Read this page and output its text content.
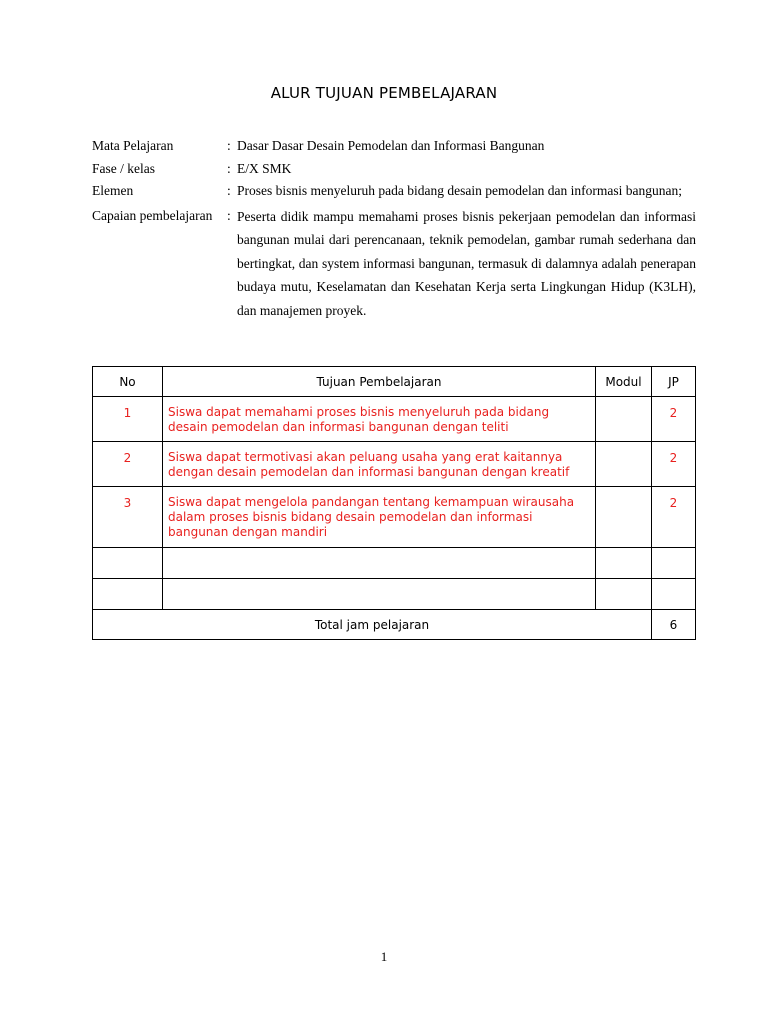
ALUR TUJUAN PEMBELAJARAN
Mata Pelajaran	: Dasar Dasar Desain Pemodelan dan Informasi Bangunan
Fase / kelas	: E/X SMK
Elemen	: Proses bisnis menyeluruh pada bidang desain pemodelan dan informasi bangunan;
Capaian pembelajaran	: Peserta didik mampu memahami proses bisnis pekerjaan pemodelan dan informasi bangunan mulai dari perencanaan, teknik pemodelan, gambar rumah sederhana dan bertingkat, dan system informasi bangunan, termasuk di dalamnya adalah penerapan budaya mutu, Keselamatan dan Kesehatan Kerja serta Lingkungan Hidup (K3LH), dan manajemen proyek.
No	Tujuan Pembelajaran	Modul	JP
1	Siswa dapat memahami proses bisnis menyeluruh pada bidang desain pemodelan dan informasi bangunan dengan teliti		2
2	Siswa dapat termotivasi akan peluang usaha yang erat kaitannya dengan desain pemodelan dan informasi bangunan dengan kreatif		2
3	Siswa dapat mengelola pandangan tentang kemampuan wirausaha dalam proses bisnis bidang desain pemodelan dan informasi bangunan dengan mandiri		2

Total jam pelajaran			6
1
